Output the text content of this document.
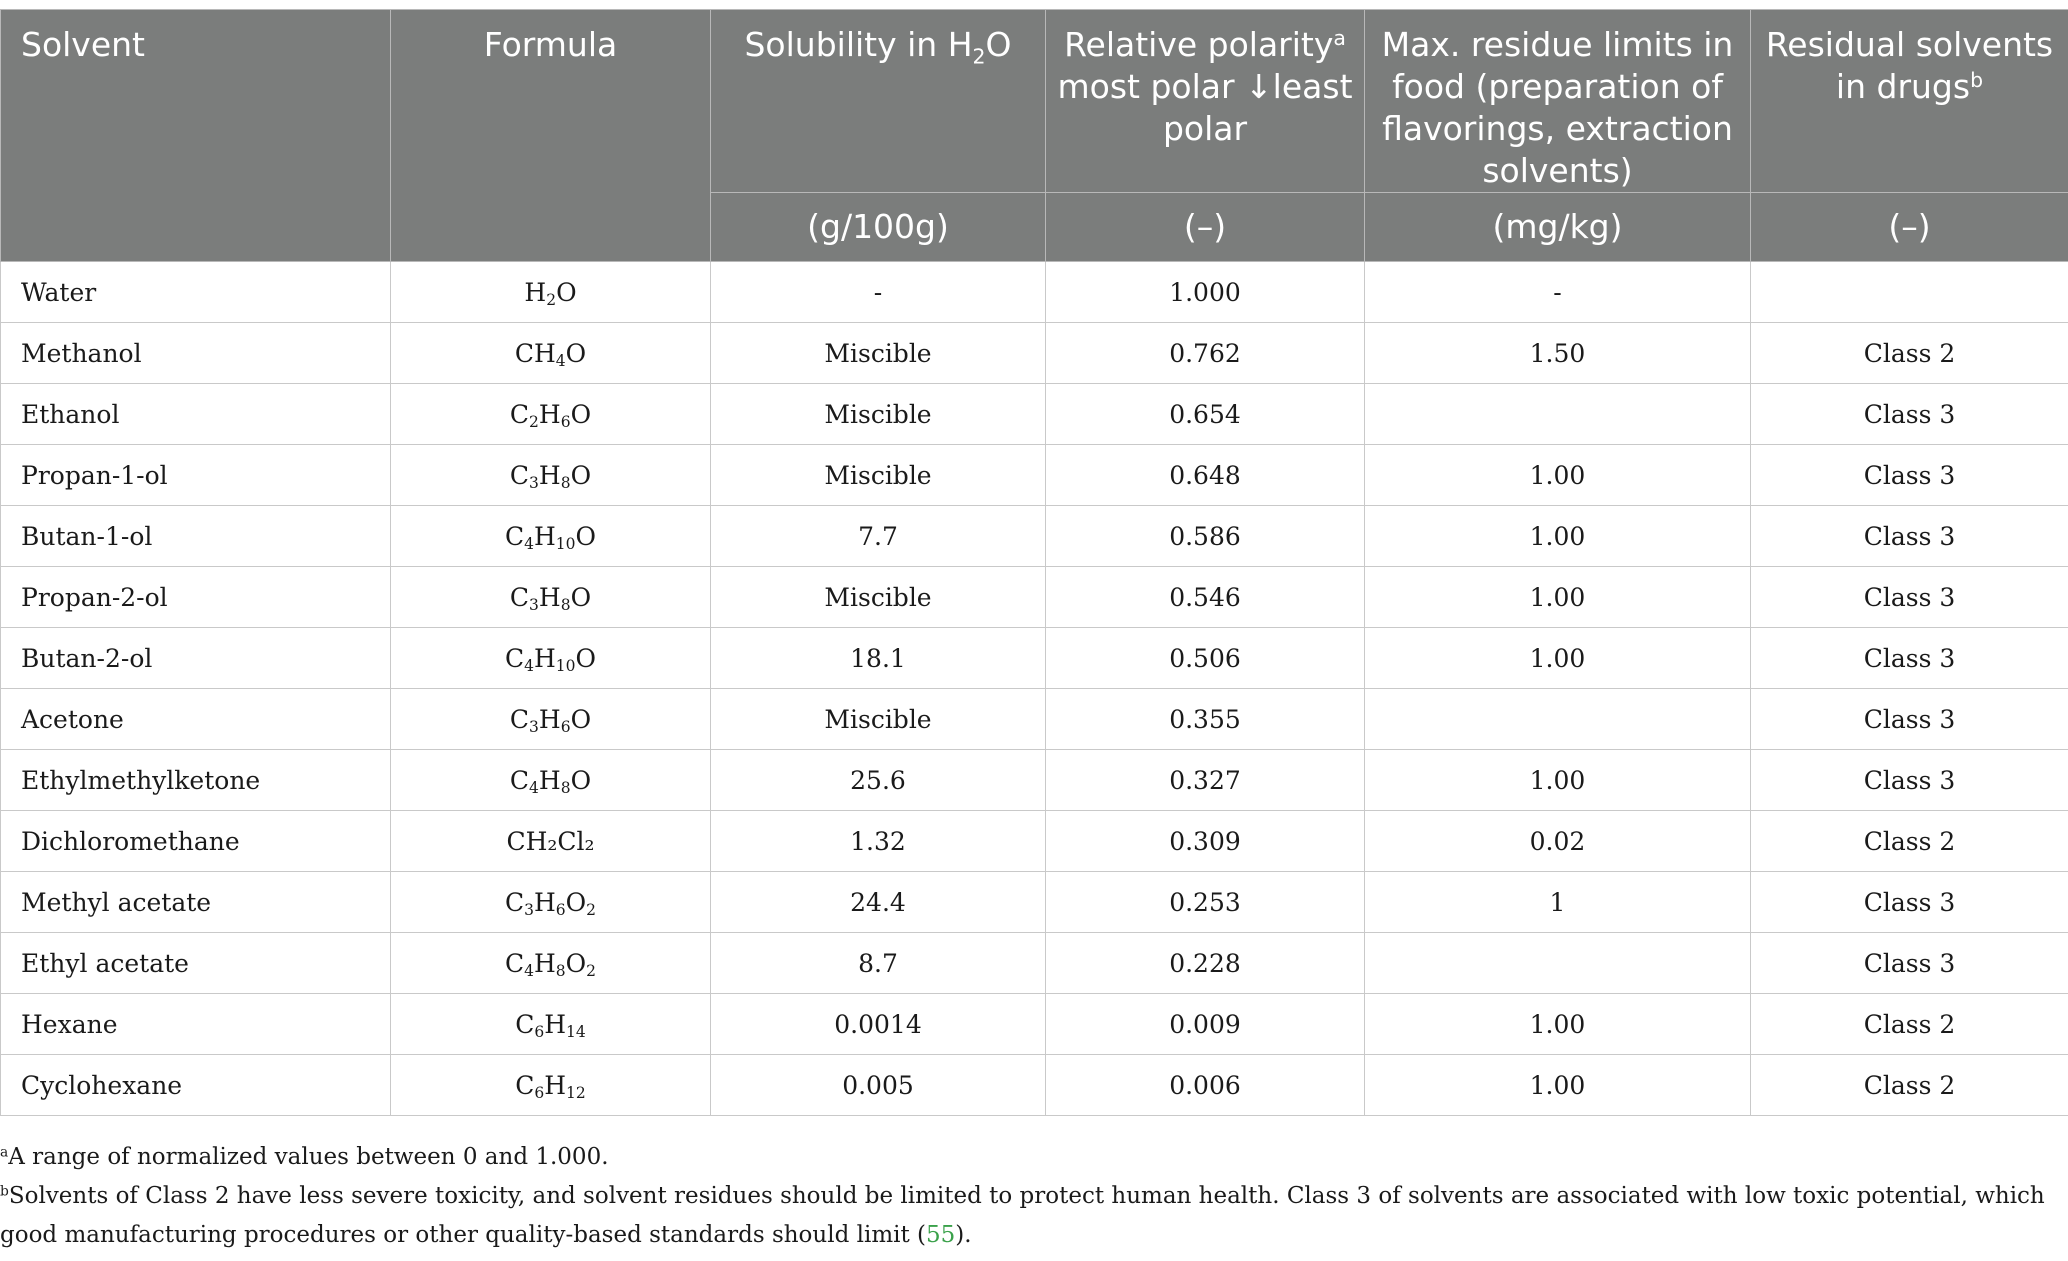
Solvent	Formula	Solubility in $H_2O$	Relative polarity$^a$ most polar ↓least polar	Max. residue limits in food (preparation of flavorings, extraction solvents)	Residual solvents in drugs$^b$
		(g/100g)	(–)	(mg/kg)	(–)
Water	$H_2O$	-	1.000	-	
Methanol	$CH_4O$	Miscible	0.762	1.50	Class 2
Ethanol	$C_2H_6O$	Miscible	0.654		Class 3
Propan-1-ol	$C_3H_8O$	Miscible	0.648	1.00	Class 3
Butan-1-ol	$C_4H_{10}O$	7.7	0.586	1.00	Class 3
Propan-2-ol	$C_3H_8O$	Miscible	0.546	1.00	Class 3
Butan-2-ol	$C_4H_{10}O$	18.1	0.506	1.00	Class 3
Acetone	$C_3H_6O$	Miscible	0.355		Class 3
Ethylmethylketone	$C_4H_8O$	25.6	0.327	1.00	Class 3
Dichloromethane	CH₂Cl₂	1.32	0.309	0.02	Class 2
Methyl acetate	$C_3H_6O_2$	24.4	0.253	1	Class 3
Ethyl acetate	$C_4H_8O_2$	8.7	0.228		Class 3
Hexane	$C_6H_{14}$	0.0014	0.009	1.00	Class 2
Cyclohexane	$C_6H_{12}$	0.005	0.006	1.00	Class 2

$^a$A range of normalized values between 0 and 1.000.

$^b$Solvents of Class 2 have less severe toxicity, and solvent residues should be limited to protect human health. Class 3 of solvents are associated with low toxic potential, which good manufacturing procedures or other quality-based standards should limit (55).
